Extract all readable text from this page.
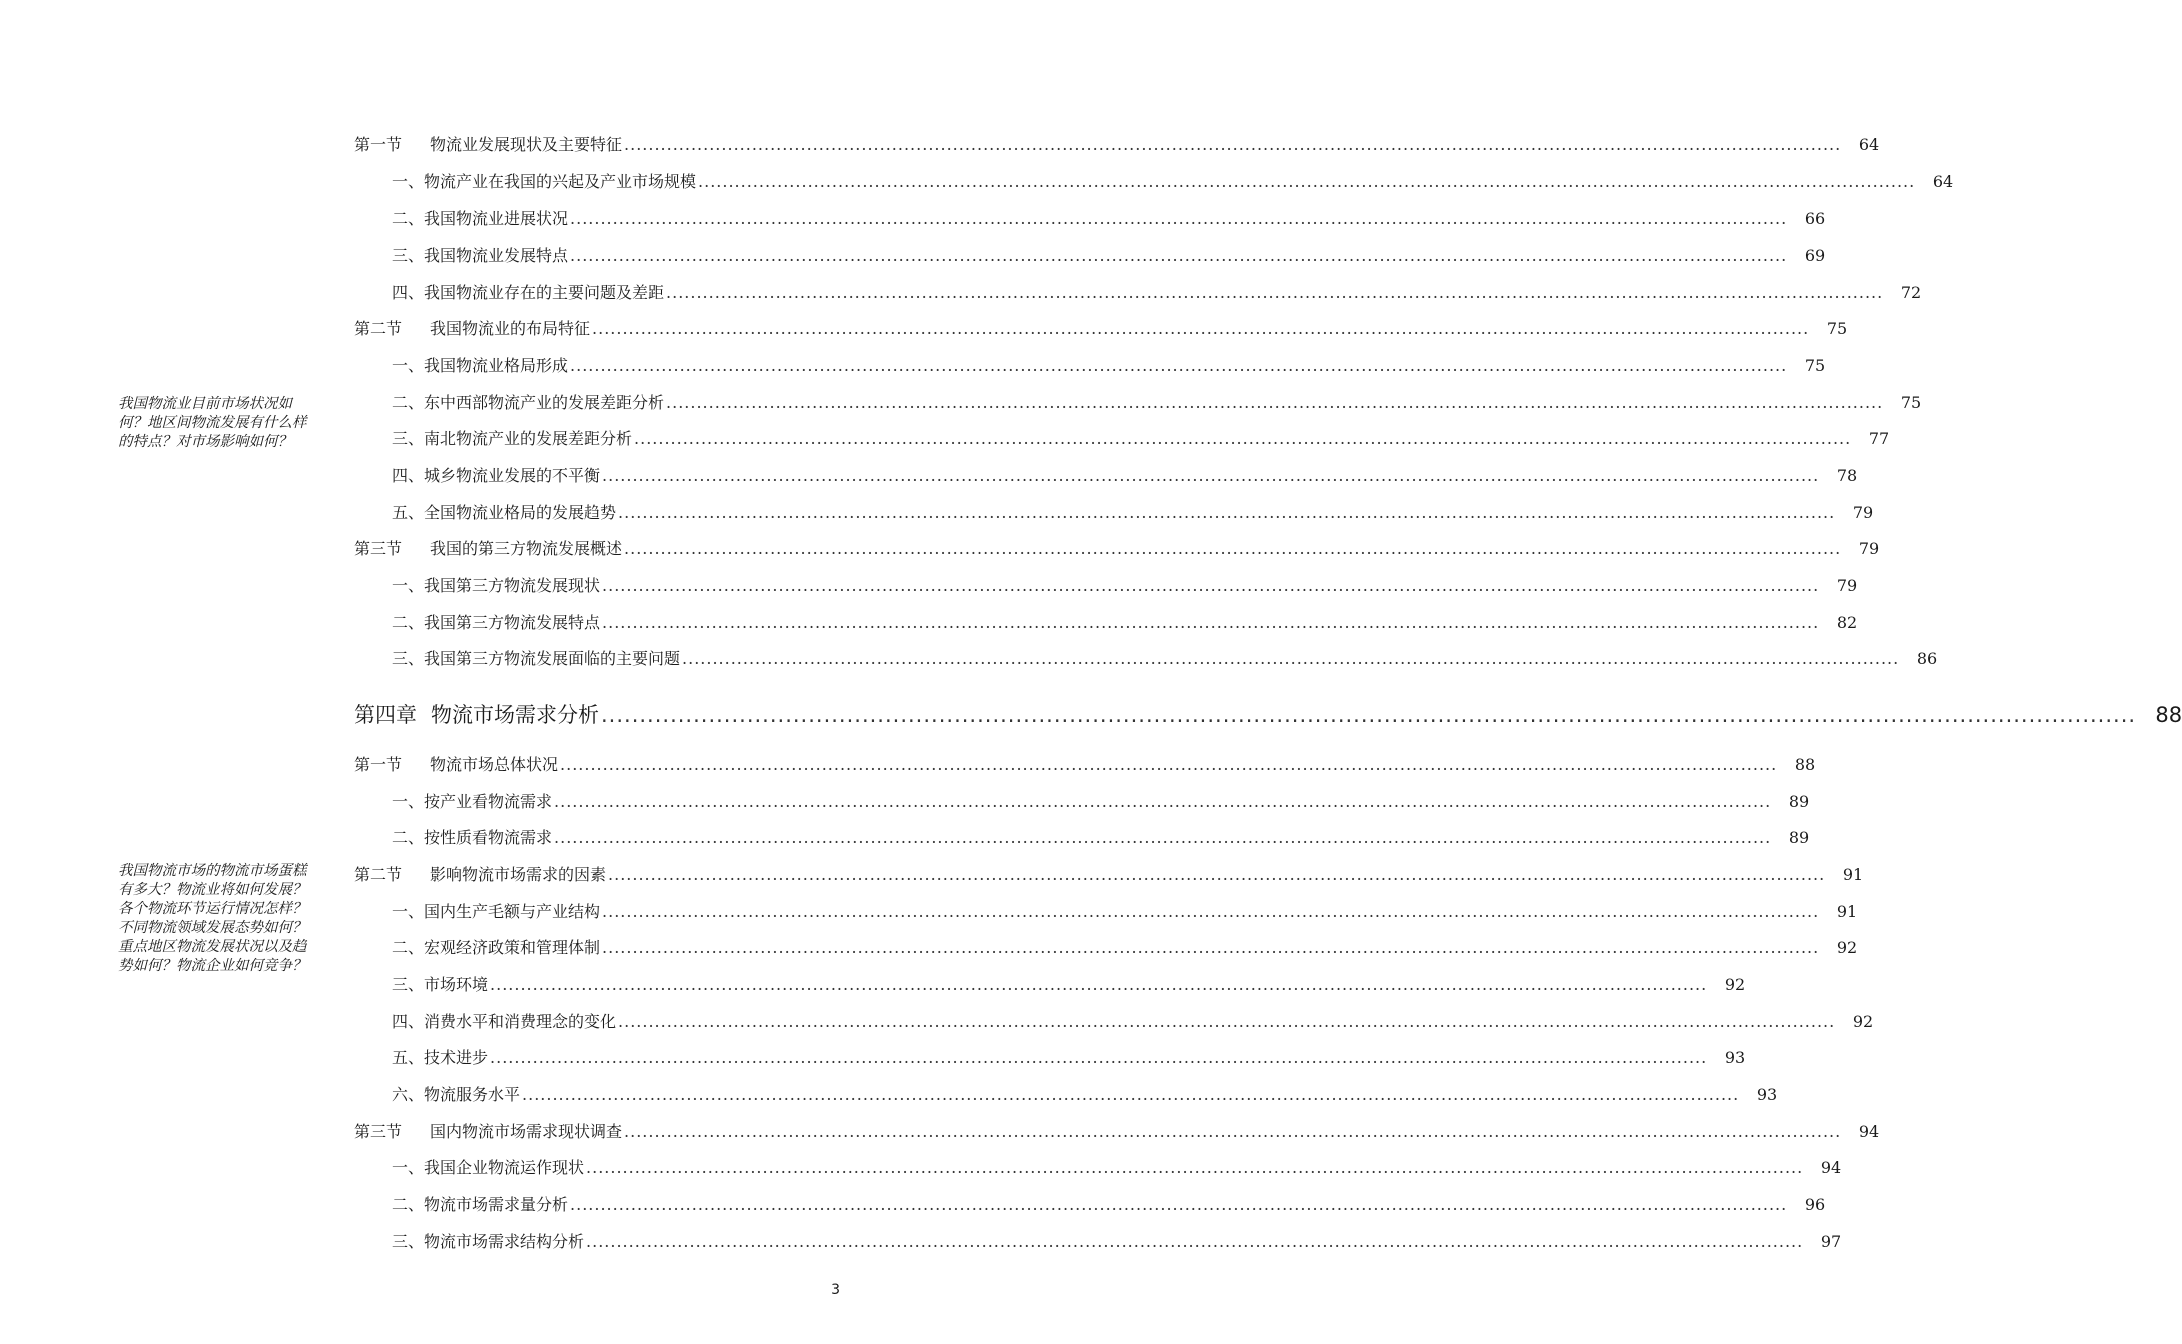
我国物流业目前市场状况如何？地区间物流发展有什么样的特点？对市场影响如何？
我国物流市场的物流市场蛋糕有多大？物流业将如何发展？各个物流环节运行情况怎样？不同物流领域发展态势如何？重点地区物流发展状况以及趋势如何？物流企业如何竞争？
第一节 物流业发展现状及主要特征 ........................................................................................................................................................................................................	64
一、物流产业在我国的兴起及产业市场规模 ........................................................................................................................................................................................................	64
二、我国物流业进展状况 ........................................................................................................................................................................................................	66
三、我国物流业发展特点 ........................................................................................................................................................................................................	69
四、我国物流业存在的主要问题及差距 ........................................................................................................................................................................................................	72
第二节 我国物流业的布局特征 ........................................................................................................................................................................................................	75
一、我国物流业格局形成 ........................................................................................................................................................................................................	75
二、东中西部物流产业的发展差距分析 ........................................................................................................................................................................................................	75
三、南北物流产业的发展差距分析 ........................................................................................................................................................................................................	77
四、城乡物流业发展的不平衡 ........................................................................................................................................................................................................	78
五、全国物流业格局的发展趋势 ........................................................................................................................................................................................................	79
第三节 我国的第三方物流发展概述 ........................................................................................................................................................................................................	79
一、我国第三方物流发展现状 ........................................................................................................................................................................................................	79
二、我国第三方物流发展特点 ........................................................................................................................................................................................................	82
三、我国第三方物流发展面临的主要问题 ........................................................................................................................................................................................................	86
第四章 物流市场需求分析 ........................................................................................................................................................................................................ 88
第一节 物流市场总体状况 ........................................................................................................................................................................................................	88
一、按产业看物流需求 ........................................................................................................................................................................................................	89
二、按性质看物流需求 ........................................................................................................................................................................................................	89
第二节 影响物流市场需求的因素 ........................................................................................................................................................................................................	91
一、国内生产毛额与产业结构 ........................................................................................................................................................................................................	91
二、宏观经济政策和管理体制 ........................................................................................................................................................................................................	92
三、市场环境 ........................................................................................................................................................................................................	92
四、消费水平和消费理念的变化 ........................................................................................................................................................................................................	92
五、技术进步 ........................................................................................................................................................................................................	93
六、物流服务水平 ........................................................................................................................................................................................................	93
第三节 国内物流市场需求现状调查 ........................................................................................................................................................................................................	94
一、我国企业物流运作现状 ........................................................................................................................................................................................................	94
二、物流市场需求量分析 ........................................................................................................................................................................................................	96
三、物流市场需求结构分析 ........................................................................................................................................................................................................	97
3
